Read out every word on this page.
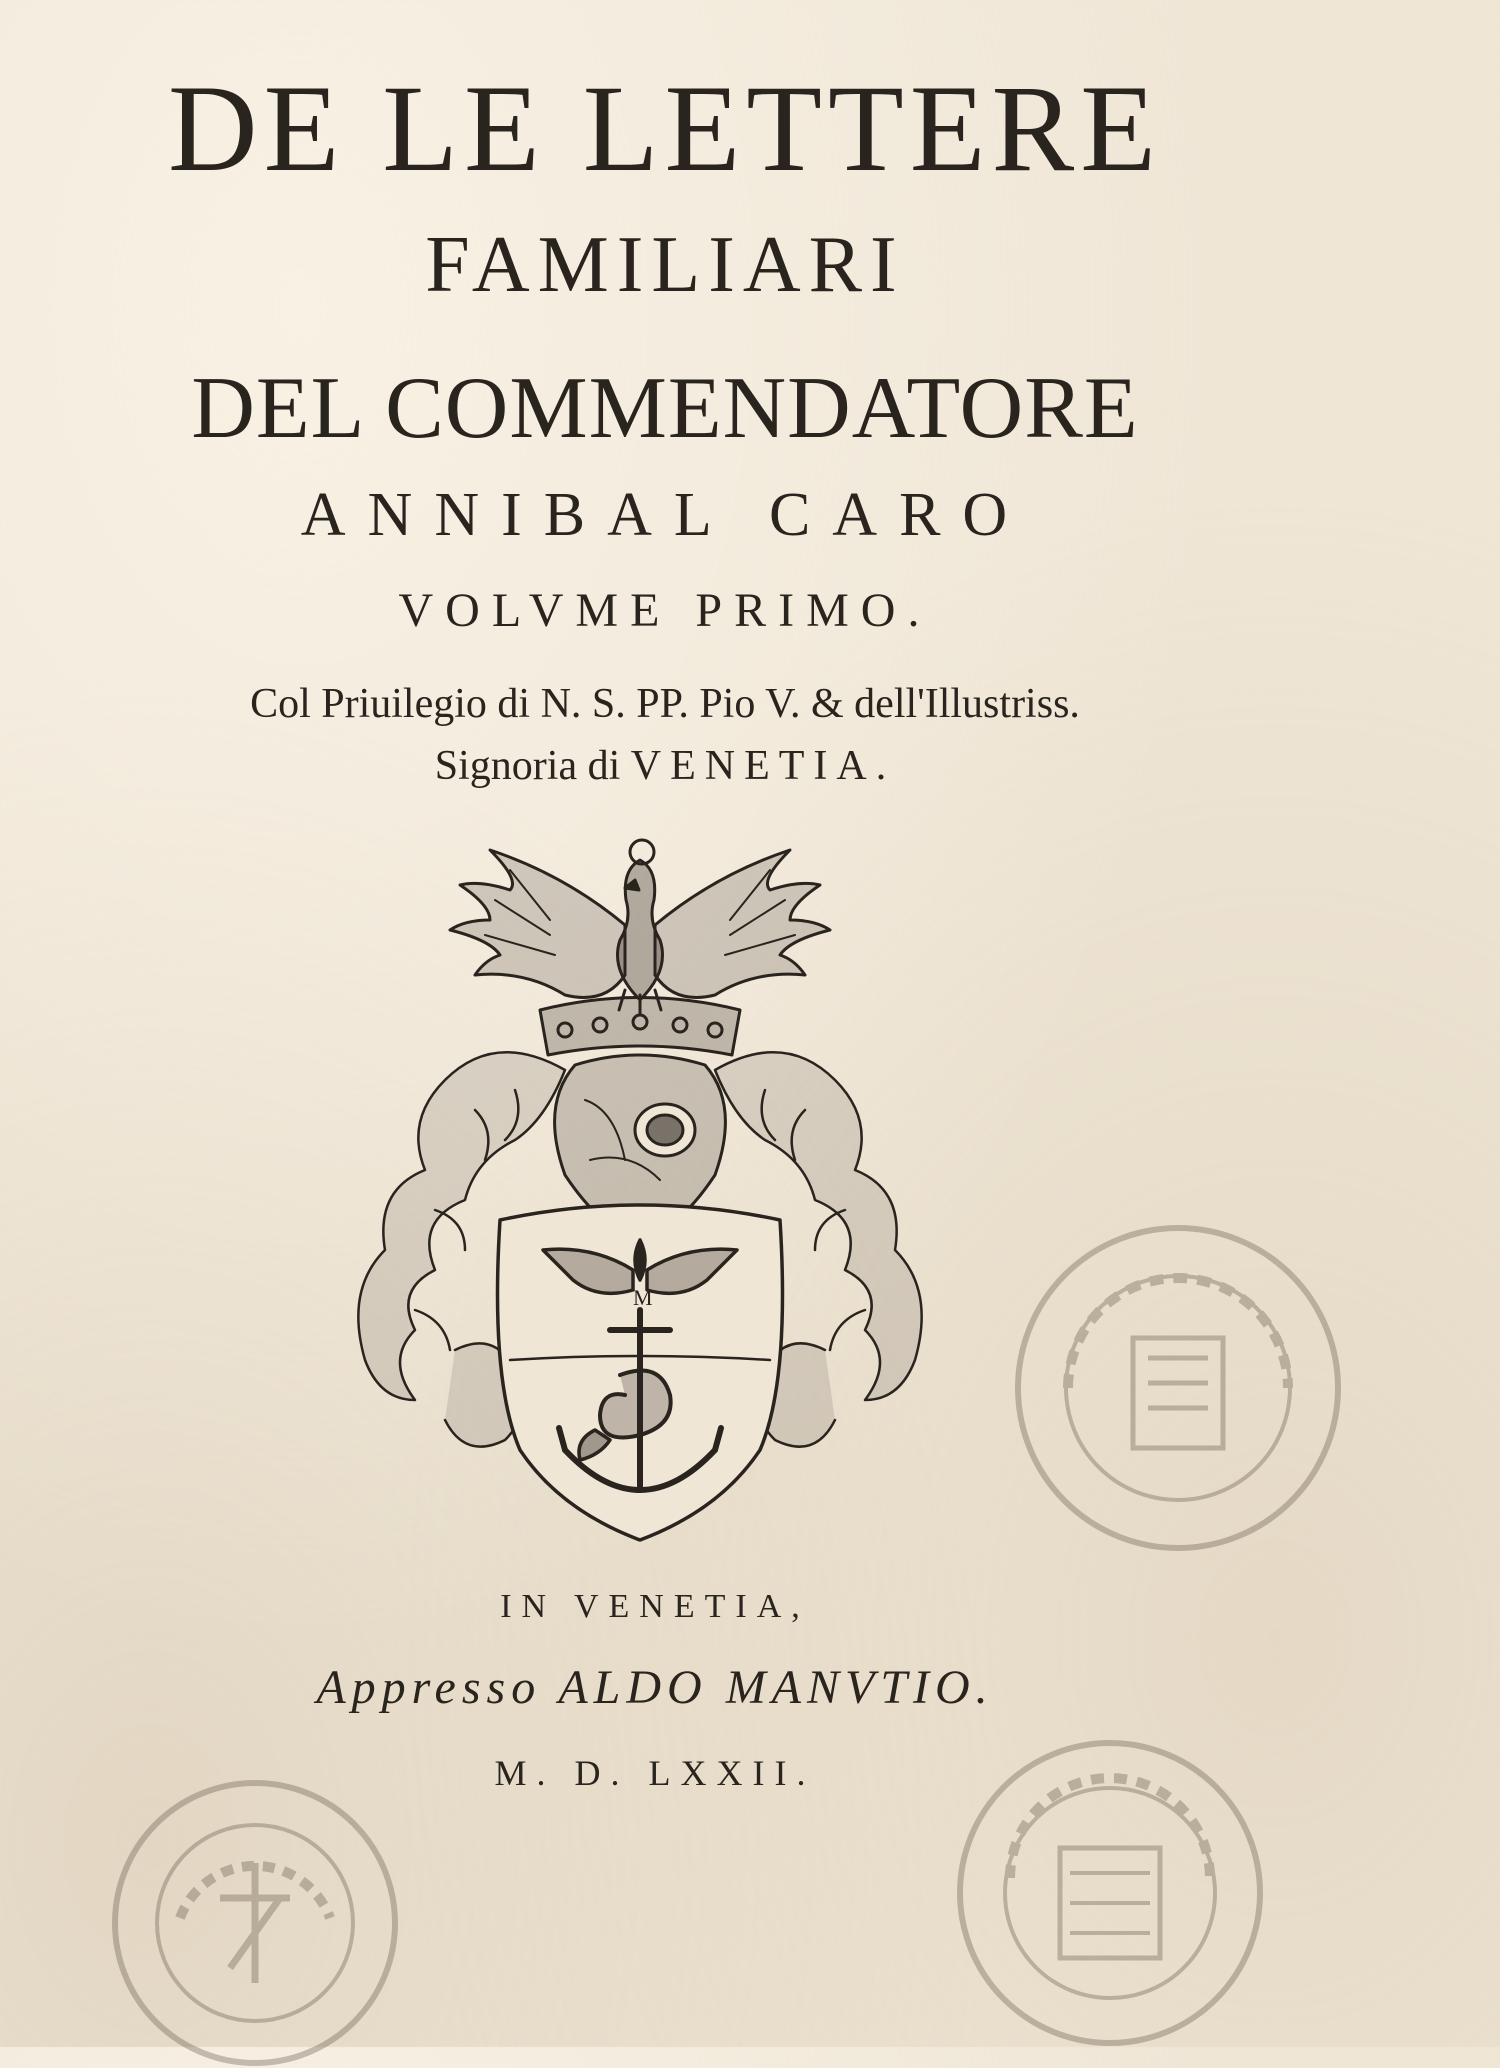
DE LE LETTERE
FAMILIARI
DEL COMMENDATORE
ANNIBAL CARO
VOLVME PRIMO.
Col Priuilegio di N. S. PP. Pio V. & dell'Illustriss.
Signoria di VENETIA.
M
IN VENETIA,
Appresso ALDO MANVTIO.
M. D. LXXII.
